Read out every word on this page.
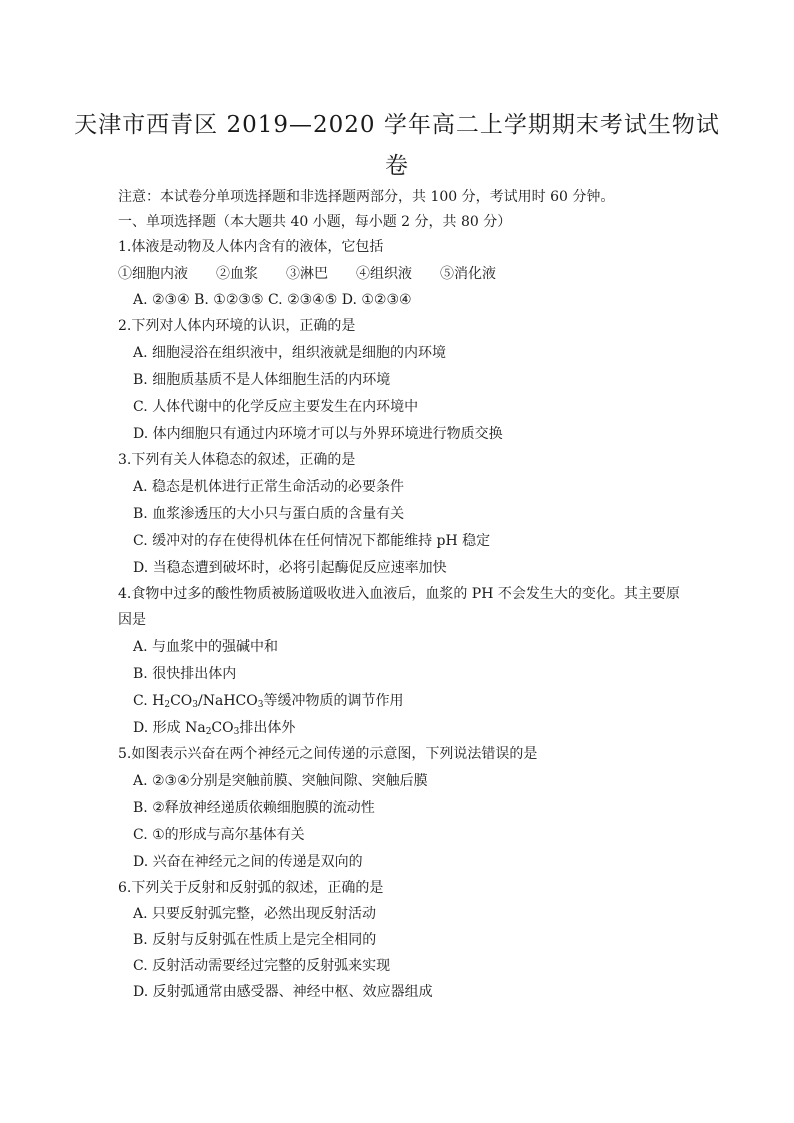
天津市西青区 2019—2020 学年高二上学期期末考试生物试
卷
注意：本试卷分单项选择题和非选择题两部分，共 100 分，考试用时 60 分钟。
一、单项选择题（本大题共 40 小题，每小题 2 分，共 80 分）
1.体液是动物及人体内含有的液体，它包括
①细胞内液　　②血浆　　③淋巴　　④组织液　　⑤消化液
A. ②③④ B. ①②③⑤ C. ②③④⑤ D. ①②③④
2.下列对人体内环境的认识，正确的是
A. 细胞浸浴在组织液中，组织液就是细胞的内环境
B. 细胞质基质不是人体细胞生活的内环境
C. 人体代谢中的化学反应主要发生在内环境中
D. 体内细胞只有通过内环境才可以与外界环境进行物质交换
3.下列有关人体稳态的叙述，正确的是
A. 稳态是机体进行正常生命活动的必要条件
B. 血浆渗透压的大小只与蛋白质的含量有关
C. 缓冲对的存在使得机体在任何情况下都能维持 pH 稳定
D. 当稳态遭到破坏时，必将引起酶促反应速率加快
4.食物中过多的酸性物质被肠道吸收进入血液后，血浆的 PH 不会发生大的变化。其主要原
因是
A. 与血浆中的强碱中和
B. 很快排出体内
C. $H_2CO_3/NaHCO_3$等缓冲物质的调节作用
D. 形成 $Na_2CO_3$排出体外
5.如图表示兴奋在两个神经元之间传递的示意图，下列说法错误的是
A. ②③④分别是突触前膜、突触间隙、突触后膜
B. ②释放神经递质依赖细胞膜的流动性
C. ①的形成与高尔基体有关
D. 兴奋在神经元之间的传递是双向的
6.下列关于反射和反射弧的叙述，正确的是
A. 只要反射弧完整，必然出现反射活动
B. 反射与反射弧在性质上是完全相同的
C. 反射活动需要经过完整的反射弧来实现
D. 反射弧通常由感受器、神经中枢、效应器组成
